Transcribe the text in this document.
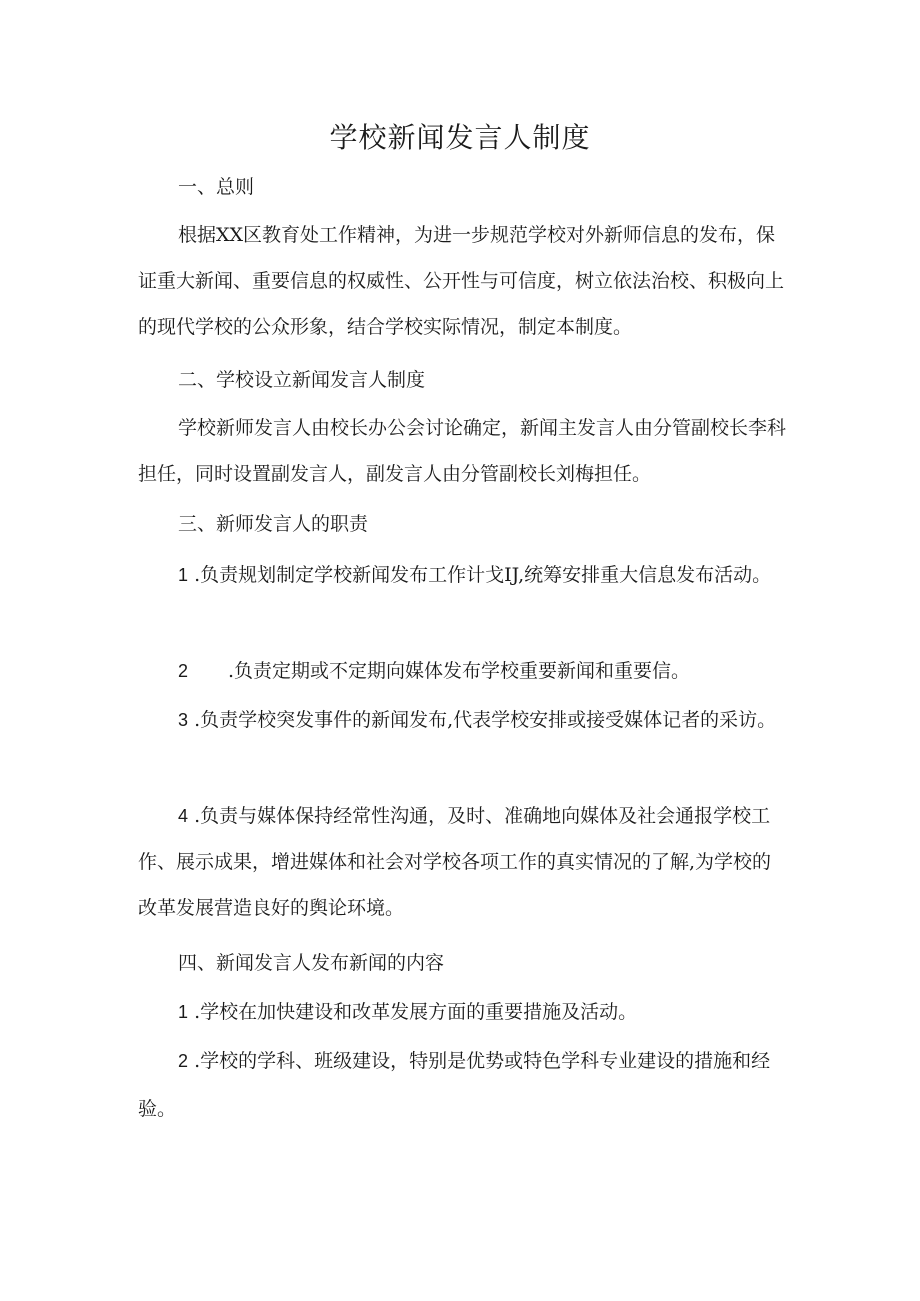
学校新闻发言人制度

一、总则

根据XX区教育处工作精神，为进一步规范学校对外新师信息的发布，保证重大新闻、重要信息的权威性、公开性与可信度，树立依法治校、积极向上的现代学校的公众形象，结合学校实际情况，制定本制度。

二、学校设立新闻发言人制度

学校新师发言人由校长办公会讨论确定，新闻主发言人由分管副校长李科担任，同时设置副发言人，副发言人由分管副校长刘梅担任。

三、新师发言人的职责

1 .负责规划制定学校新闻发布工作计戈IJ,统筹安排重大信息发布活动。

2 .负责定期或不定期向媒体发布学校重要新闻和重要信。

3 .负责学校突发事件的新闻发布,代表学校安排或接受媒体记者的采访。

4 .负责与媒体保持经常性沟通，及时、准确地向媒体及社会通报学校工作、展示成果，增进媒体和社会对学校各项工作的真实情况的了解,为学校的改革发展营造良好的舆论环境。

四、新闻发言人发布新闻的内容

1 .学校在加快建设和改革发展方面的重要措施及活动。

2 .学校的学科、班级建设，特别是优势或特色学科专业建设的措施和经验。
